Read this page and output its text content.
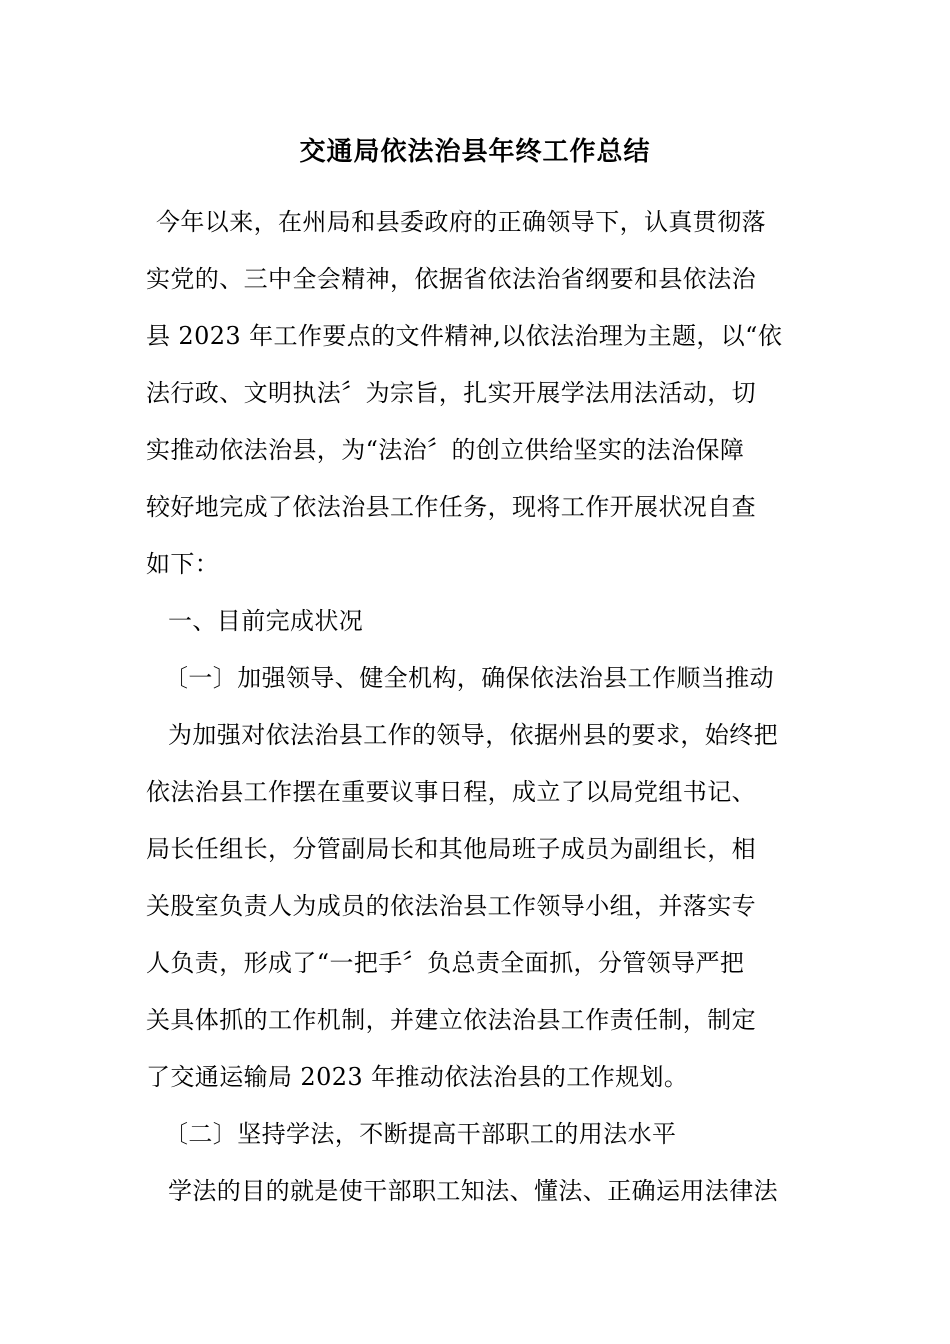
交通局依法治县年终工作总结
今年以来，在州局和县委政府的正确领导下，认真贯彻落
实党的、三中全会精神，依据省依法治省纲要和县依法治
县 2023 年工作要点的文件精神,以依法治理为主题，以“依
法行政、文明执法〞为宗旨，扎实开展学法用法活动，切
实推动依法治县，为“法治〞的创立供给坚实的法治保障
较好地完成了依法治县工作任务，现将工作开展状况自查
如下：
一、目前完成状况
〔一〕加强领导、健全机构，确保依法治县工作顺当推动
为加强对依法治县工作的领导，依据州县的要求，始终把
依法治县工作摆在重要议事日程，成立了以局党组书记、
局长任组长，分管副局长和其他局班子成员为副组长，相
关股室负责人为成员的依法治县工作领导小组，并落实专
人负责，形成了“一把手〞负总责全面抓，分管领导严把
关具体抓的工作机制，并建立依法治县工作责任制，制定
了交通运输局 2023 年推动依法治县的工作规划。
〔二〕坚持学法，不断提高干部职工的用法水平
学法的目的就是使干部职工知法、懂法、正确运用法律法
